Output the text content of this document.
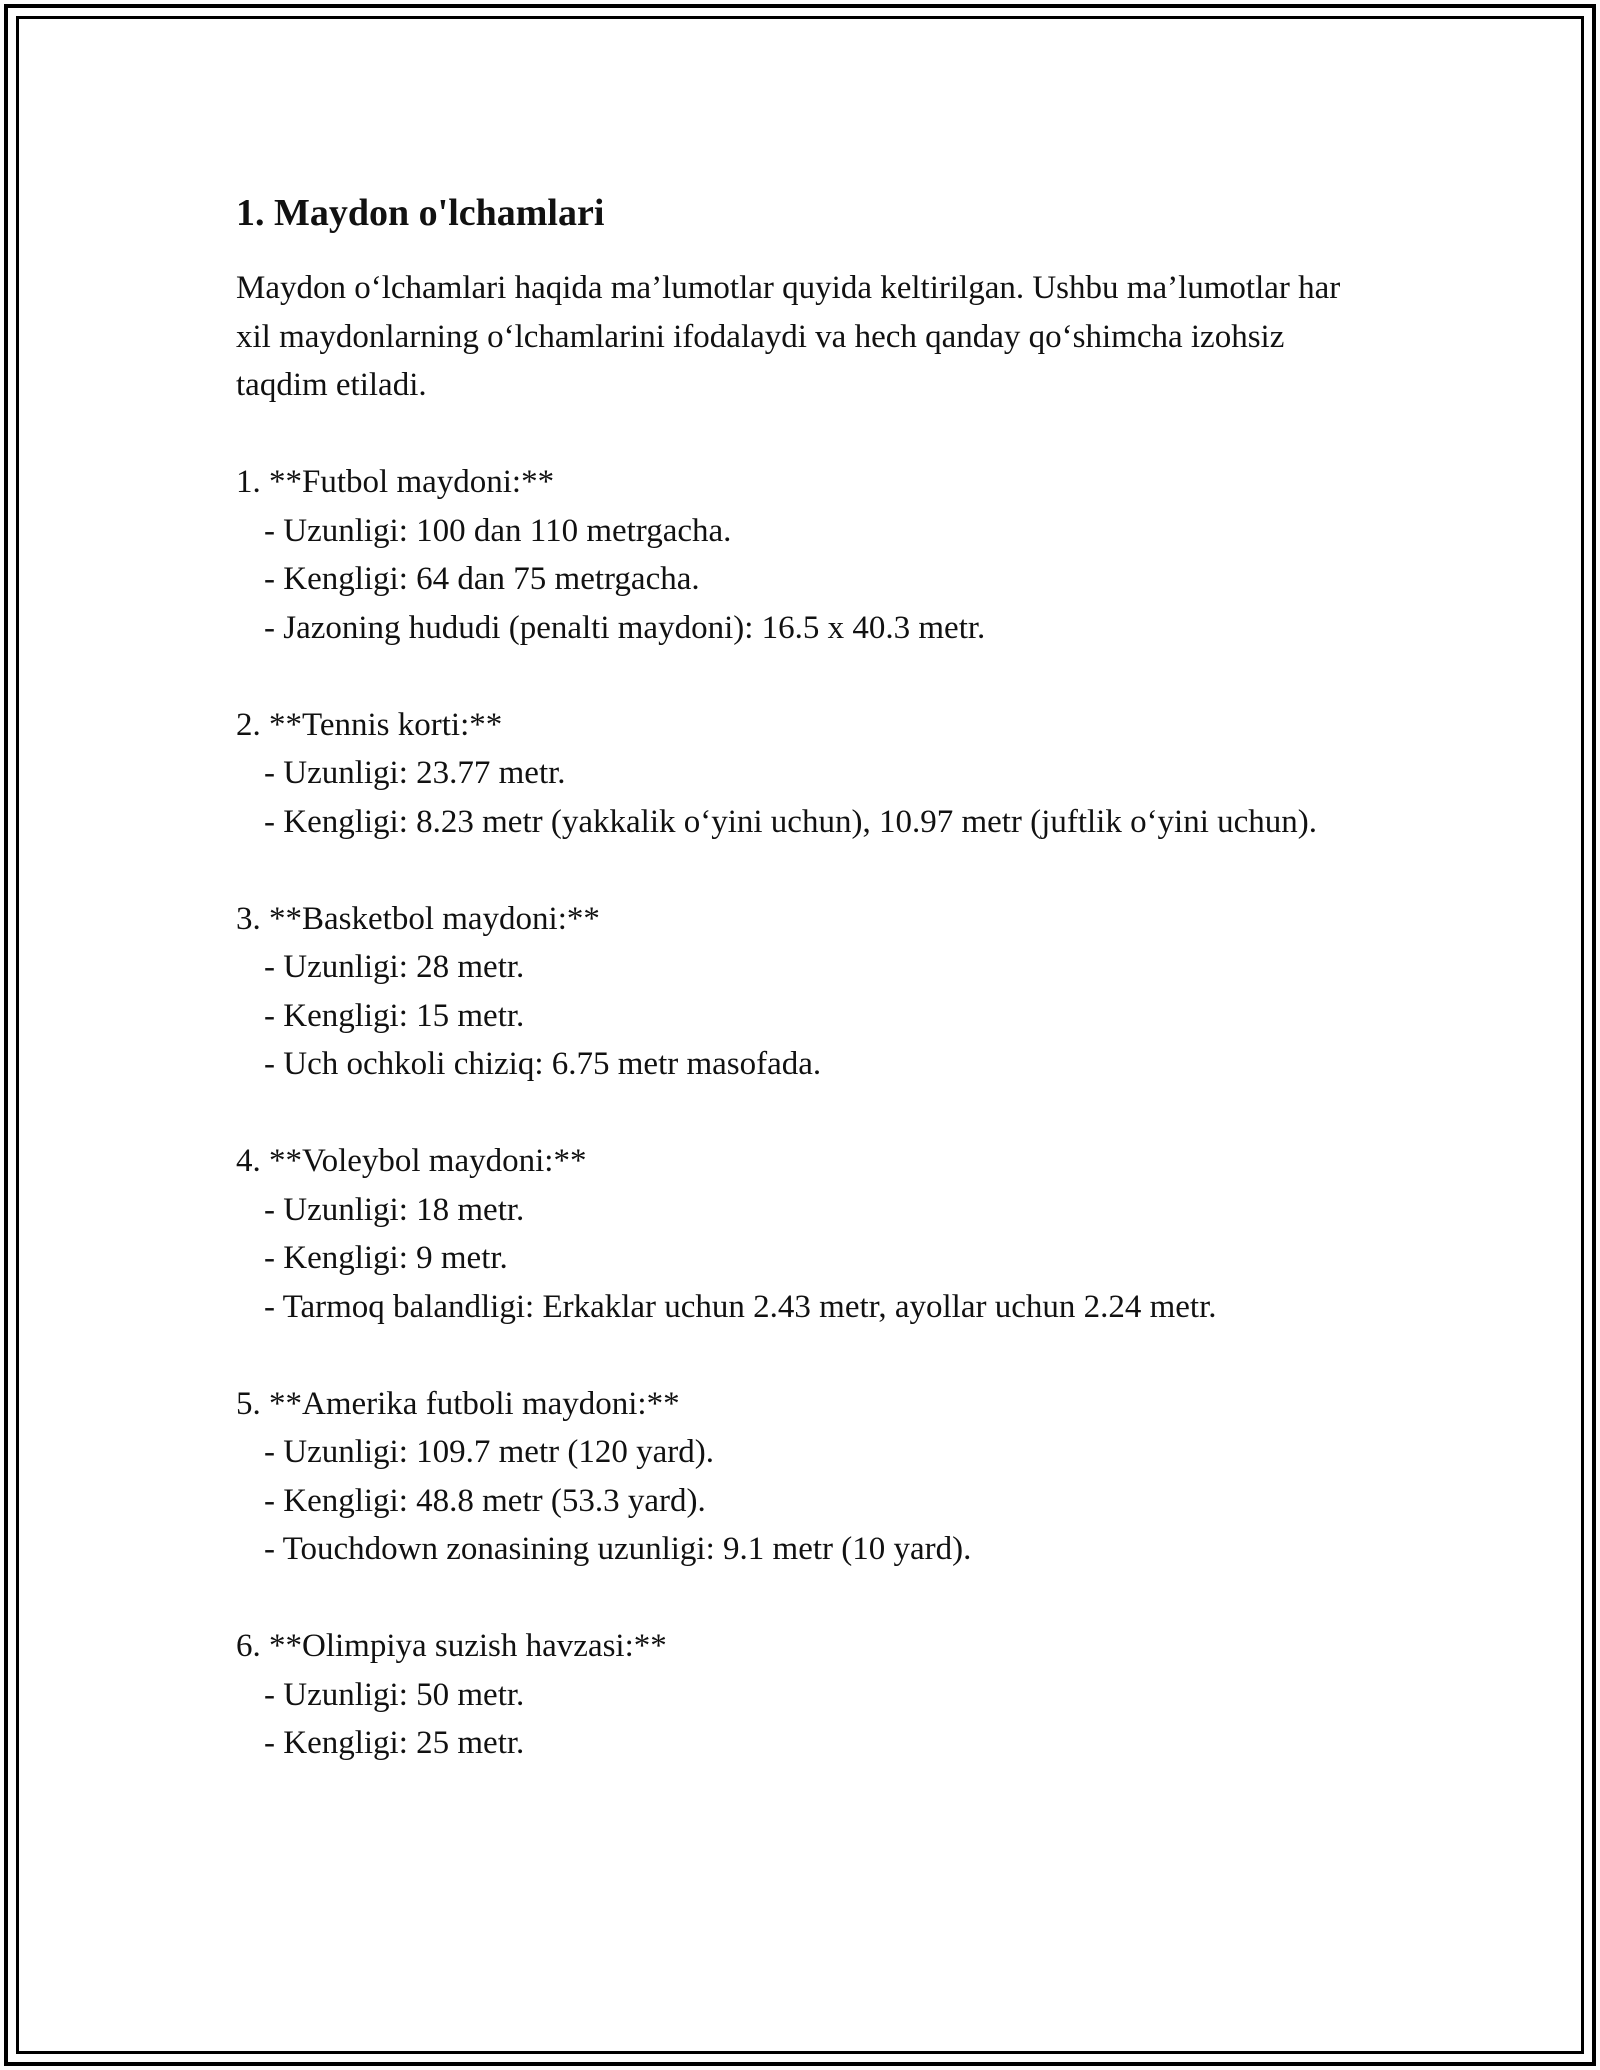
1. Maydon o'lchamlari

Maydon o‘lchamlari haqida ma’lumotlar quyida keltirilgan. Ushbu ma’lumotlar har xil maydonlarning o‘lchamlarini ifodalaydi va hech qanday qo‘shimcha izohsiz taqdim etiladi.

1. **Futbol maydoni:**

- Uzunligi: 100 dan 110 metrgacha.

- Kengligi: 64 dan 75 metrgacha.

- Jazoning hududi (penalti maydoni): 16.5 x 40.3 metr.

2. **Tennis korti:**

- Uzunligi: 23.77 metr.

- Kengligi: 8.23 metr (yakkalik o‘yini uchun), 10.97 metr (juftlik o‘yini uchun).

3. **Basketbol maydoni:**

- Uzunligi: 28 metr.

- Kengligi: 15 metr.

- Uch ochkoli chiziq: 6.75 metr masofada.

4. **Voleybol maydoni:**

- Uzunligi: 18 metr.

- Kengligi: 9 metr.

- Tarmoq balandligi: Erkaklar uchun 2.43 metr, ayollar uchun 2.24 metr.

5. **Amerika futboli maydoni:**

- Uzunligi: 109.7 metr (120 yard).

- Kengligi: 48.8 metr (53.3 yard).

- Touchdown zonasining uzunligi: 9.1 metr (10 yard).

6. **Olimpiya suzish havzasi:**

- Uzunligi: 50 metr.

- Kengligi: 25 metr.
